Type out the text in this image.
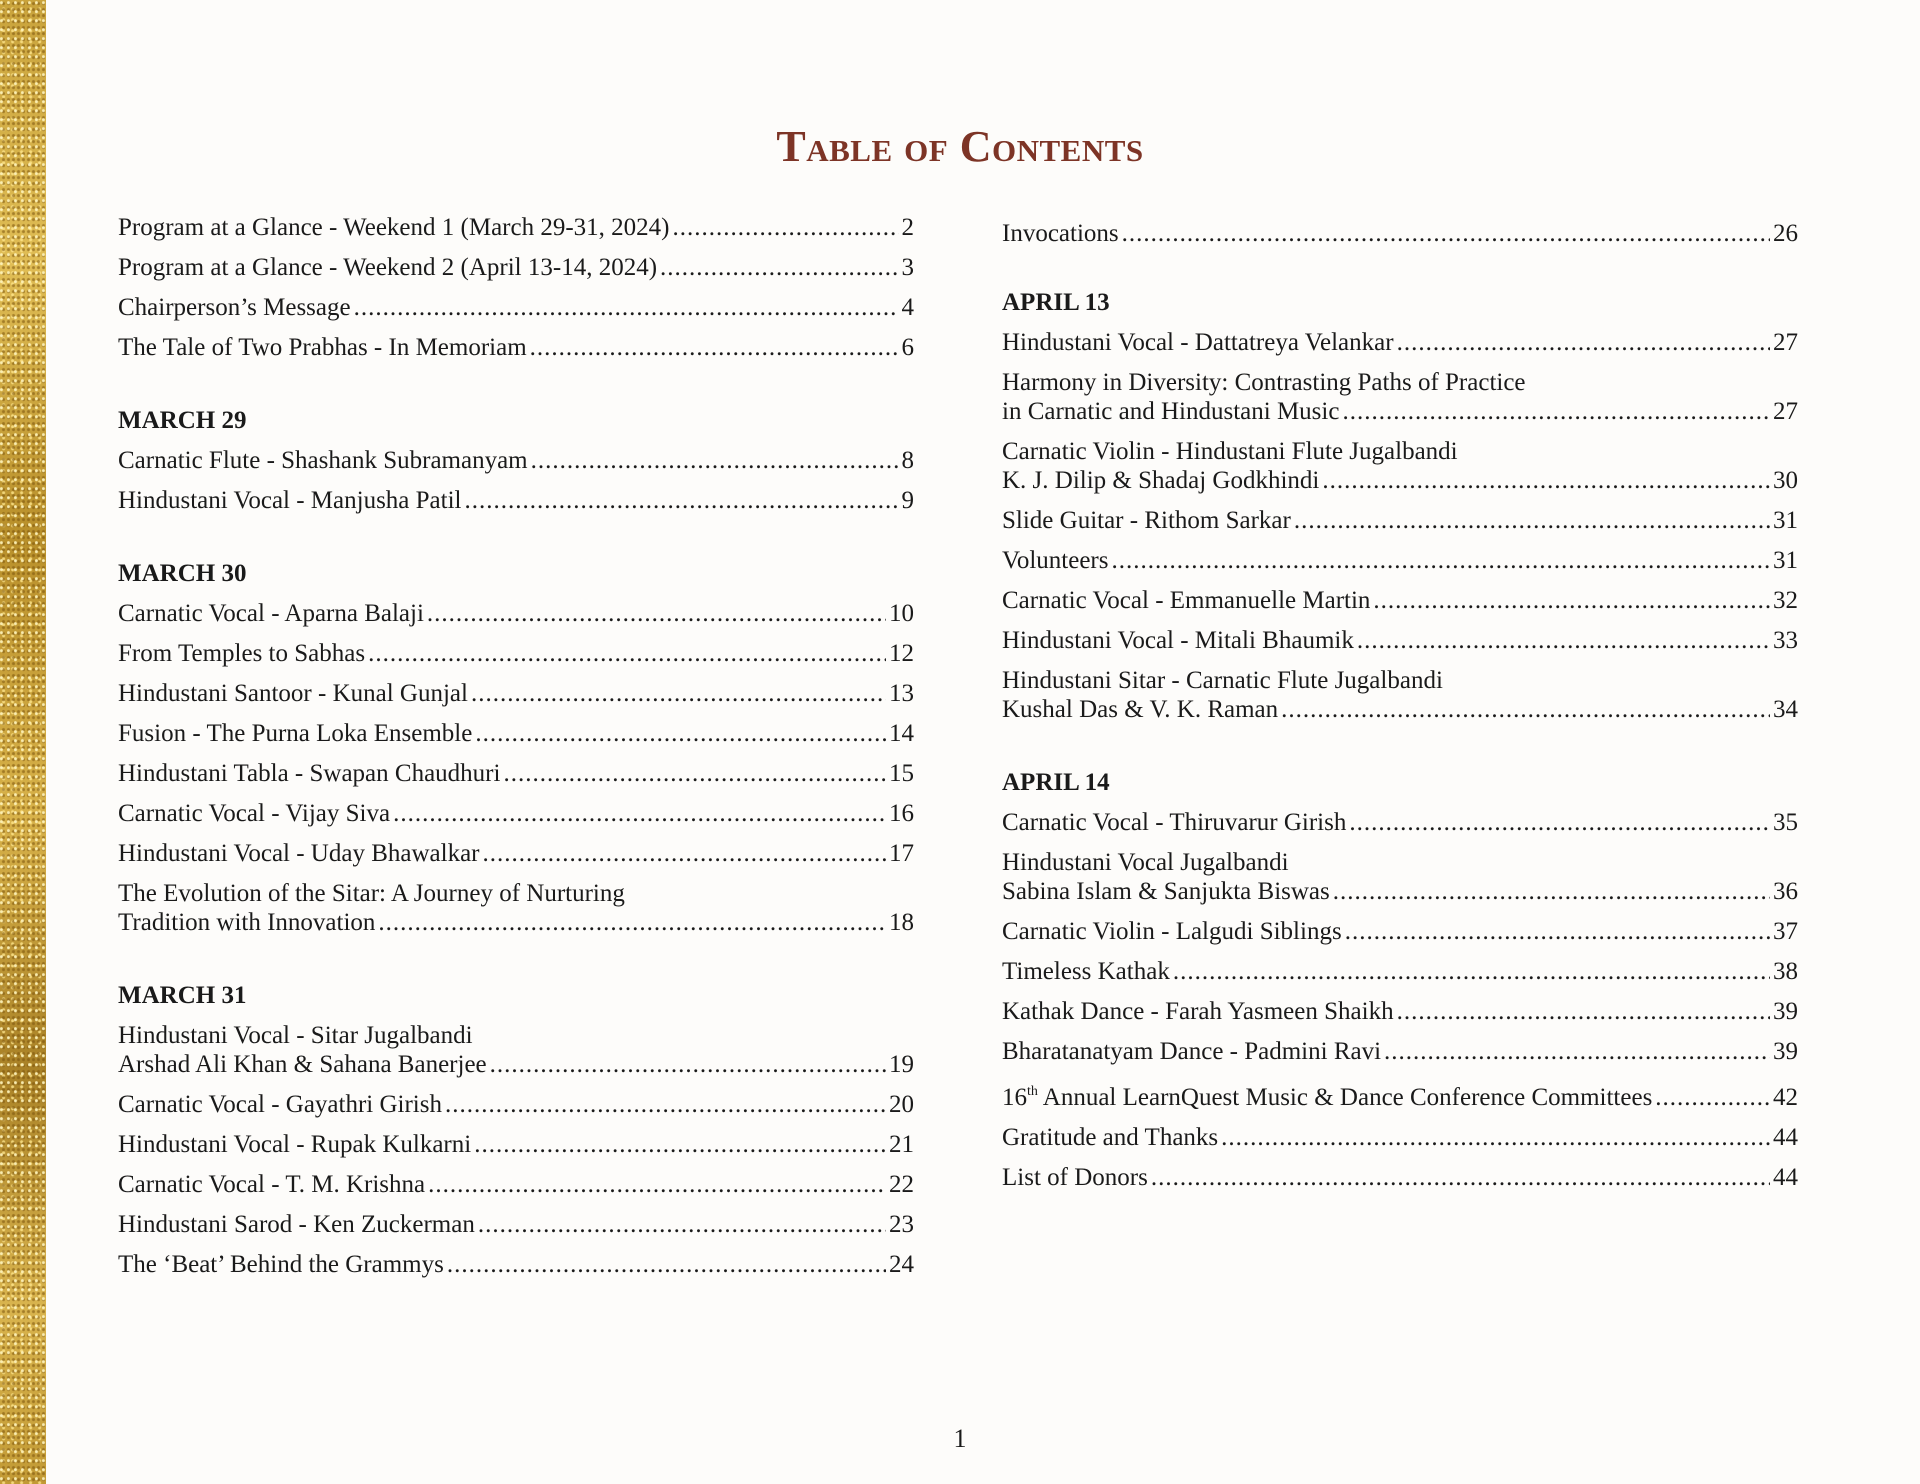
Table of Contents
Program at a Glance - Weekend 1 (March 29-31, 2024) .....	2
Program at a Glance - Weekend 2 (April 13-14, 2024) .....	3
Chairperson’s Message .....	4
The Tale of Two Prabhas - In Memoriam .....	6
MARCH 29
Carnatic Flute - Shashank Subramanyam .....	8
Hindustani Vocal - Manjusha Patil .....	9
MARCH 30
Carnatic Vocal - Aparna Balaji .....	10
From Temples to Sabhas .....	12
Hindustani Santoor - Kunal Gunjal .....	13
Fusion - The Purna Loka Ensemble .....	14
Hindustani Tabla - Swapan Chaudhuri .....	15
Carnatic Vocal - Vijay Siva .....	16
Hindustani Vocal - Uday Bhawalkar .....	17
The Evolution of the Sitar: A Journey of Nurturing
Tradition with Innovation .....	18
MARCH 31
Hindustani Vocal - Sitar Jugalbandi
Arshad Ali Khan & Sahana Banerjee .....	19
Carnatic Vocal - Gayathri Girish .....	20
Hindustani Vocal - Rupak Kulkarni .....	21
Carnatic Vocal - T. M. Krishna .....	22
Hindustani Sarod - Ken Zuckerman .....	23
The ‘Beat’ Behind the Grammys .....	24
Invocations .....	26
APRIL 13
Hindustani Vocal - Dattatreya Velankar .....	27
Harmony in Diversity: Contrasting Paths of Practice
in Carnatic and Hindustani Music .....	27
Carnatic Violin - Hindustani Flute Jugalbandi
K. J. Dilip & Shadaj Godkhindi .....	30
Slide Guitar - Rithom Sarkar .....	31
Volunteers .....	31
Carnatic Vocal - Emmanuelle Martin .....	32
Hindustani Vocal - Mitali Bhaumik .....	33
Hindustani Sitar - Carnatic Flute Jugalbandi
Kushal Das & V. K. Raman .....	34
APRIL 14
Carnatic Vocal - Thiruvarur Girish .....	35
Hindustani Vocal Jugalbandi
Sabina Islam & Sanjukta Biswas .....	36
Carnatic Violin - Lalgudi Siblings .....	37
Timeless Kathak .....	38
Kathak Dance - Farah Yasmeen Shaikh .....	39
Bharatanatyam Dance - Padmini Ravi .....	39
16th Annual LearnQuest Music & Dance Conference Committees .....	42
Gratitude and Thanks .....	44
List of Donors .....	44
1
